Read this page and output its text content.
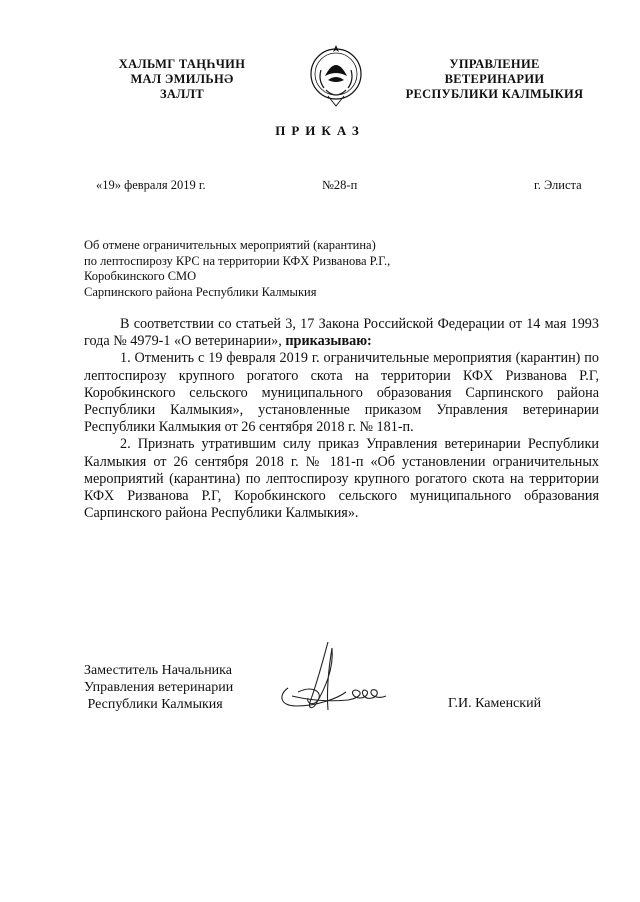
ХАЛЬМГ ТАҢҺЧИН
МАЛ ЭМИЛЬНӘ
ЗАЛЛТ
УПРАВЛЕНИЕ
ВЕТЕРИНАРИИ
РЕСПУБЛИКИ КАЛМЫКИЯ
ПРИКАЗ
«19» февраля 2019 г.	№28-п	г. Элиста
Об отмене ограничительных мероприятий (карантина)
по лептоспирозу КРС на территории КФХ Ризванова Р.Г.,
Коробкинского СМО
Сарпинского района Республики Калмыкия

В соответствии со статьей 3, 17 Закона Российской Федерации от 14 мая 1993 года № 4979-1 «О ветеринарии», приказываю:

1. Отменить с 19 февраля 2019 г. ограничительные мероприятия (карантин) по лептоспирозу крупного рогатого скота на территории КФХ Ризванова Р.Г, Коробкинского сельского муниципального образования Сарпинского района Республики Калмыкия», установленные приказом Управления ветеринарии Республики Калмыкия от 26 сентября 2018 г. № 181-п.

2. Признать утратившим силу приказ Управления ветеринарии Республики Калмыкия от 26 сентября 2018 г. № 181-п «Об установлении ограничительных мероприятий (карантина) по лептоспирозу крупного рогатого скота на территории КФХ Ризванова Р.Г, Коробкинского сельского муниципального образования Сарпинского района Республики Калмыкия».

Заместитель Начальника
Управления ветеринарии
Республики Калмыкия	Г.И. Каменский
